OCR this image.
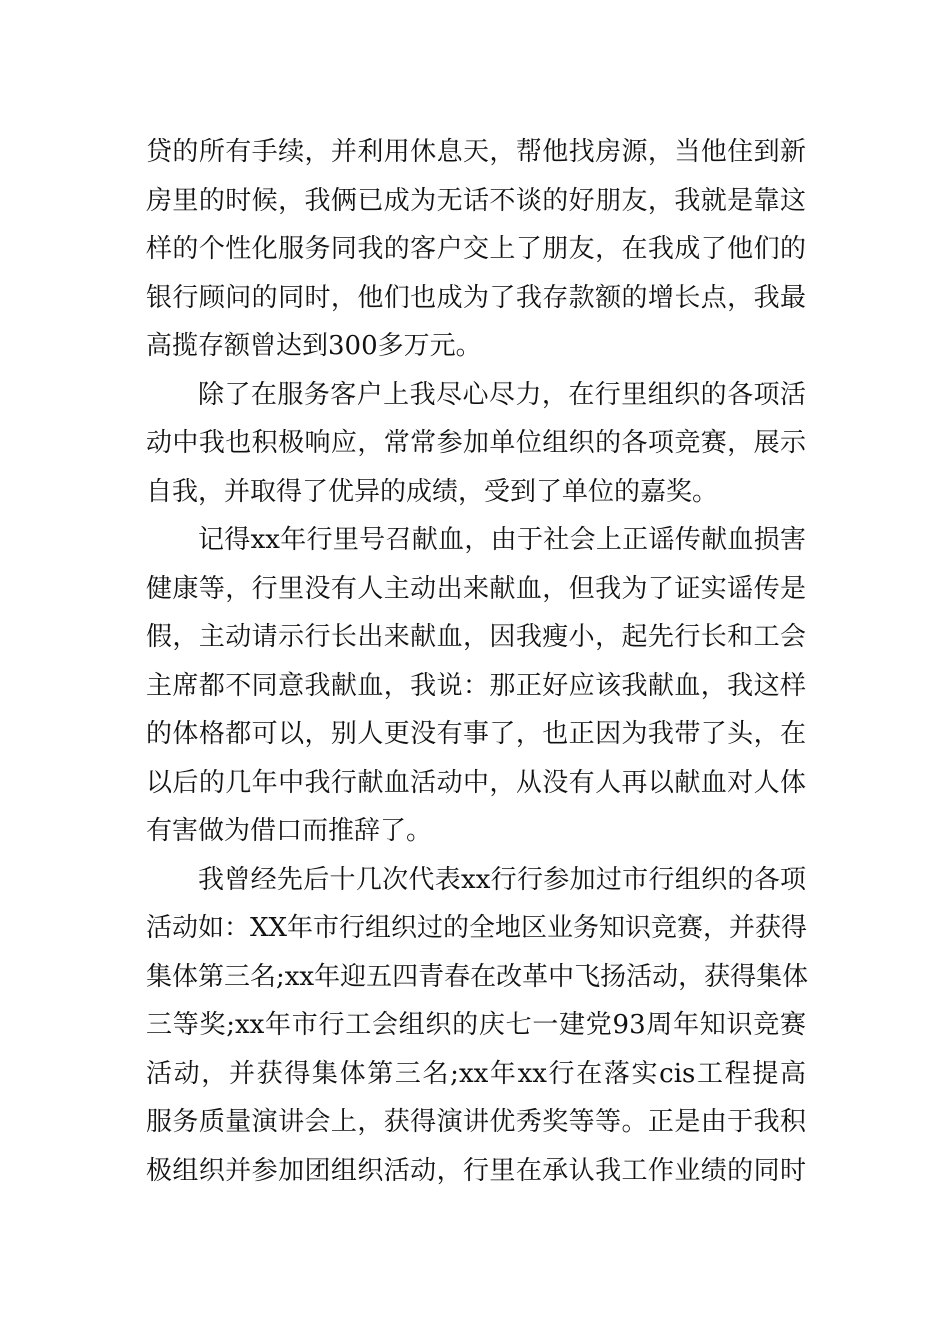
贷的所有手续，并利用休息天，帮他找房源，当他住到新
房里的时候，我俩已成为无话不谈的好朋友，我就是靠这
样的个性化服务同我的客户交上了朋友，在我成了他们的
银行顾问的同时，他们也成为了我存款额的增长点，我最
高揽存额曾达到300多万元。
除了在服务客户上我尽心尽力，在行里组织的各项活
动中我也积极响应，常常参加单位组织的各项竞赛，展示
自我，并取得了优异的成绩，受到了单位的嘉奖。
记得xx年行里号召献血，由于社会上正谣传献血损害
健康等，行里没有人主动出来献血，但我为了证实谣传是
假，主动请示行长出来献血，因我瘦小，起先行长和工会
主席都不同意我献血，我说：那正好应该我献血，我这样
的体格都可以，别人更没有事了，也正因为我带了头，在
以后的几年中我行献血活动中，从没有人再以献血对人体
有害做为借口而推辞了。
我曾经先后十几次代表xx行行参加过市行组织的各项
活动如：XX年市行组织过的全地区业务知识竞赛，并获得
集体第三名;xx年迎五四青春在改革中飞扬活动，获得集体
三等奖;xx年市行工会组织的庆七一建党93周年知识竞赛
活动，并获得集体第三名;xx年xx行在落实cis工程提高
服务质量演讲会上，获得演讲优秀奖等等。正是由于我积
极组织并参加团组织活动，行里在承认我工作业绩的同时
